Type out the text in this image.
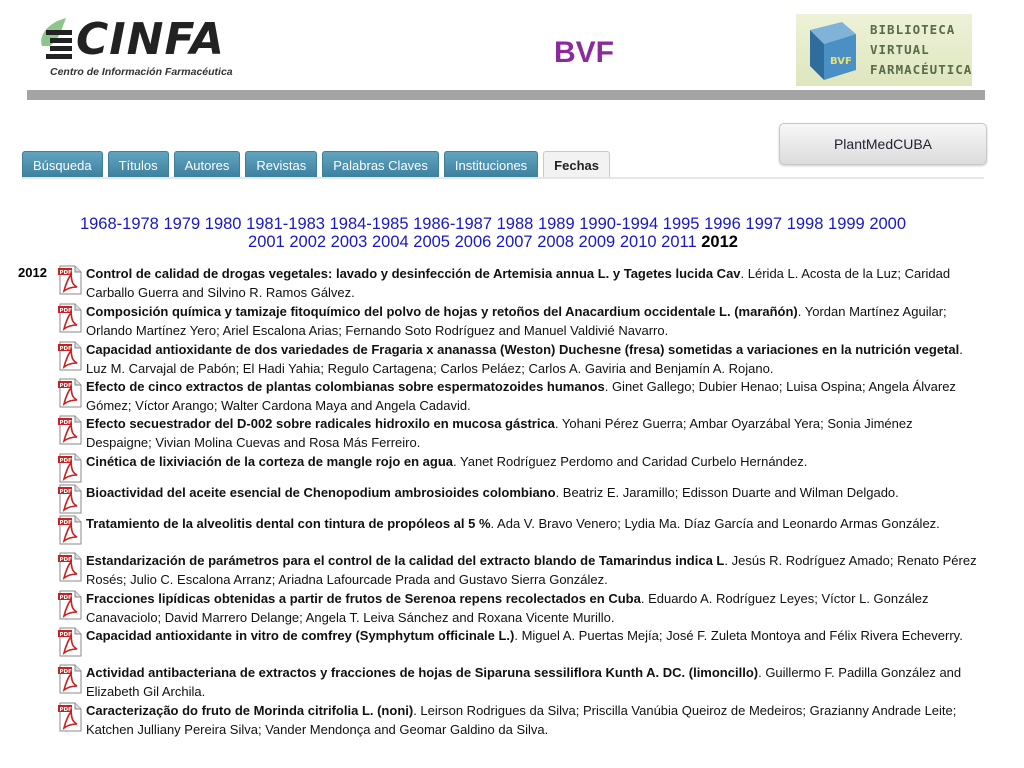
CINFA
Centro de Información Farmacéutica
BVF	BVF
BIBLIOTECA
VIRTUAL
FARMACÉUTICA
PlantMedCUBA
Búsqueda	Títulos	Autores	Revistas	Palabras Claves	Instituciones	Fechas
1968-1978 1979 1980 1981-1983 1984-1985 1986-1987 1988 1989 1990-1994 1995 1996 1997 1998 1999 2000
2001 2002 2003 2004 2005 2006 2007 2008 2009 2010 2011 2012
2012 PDF Control de calidad de drogas vegetales: lavado y desinfección de Artemisia annua L. y Tagetes lucida Cav. Lérida L. Acosta de la Luz; Caridad Carballo Guerra and Silvino R. Ramos Gálvez.
PDF Composición química y tamizaje fitoquímico del polvo de hojas y retoños del Anacardium occidentale L. (marañón). Yordan Martínez Aguilar; Orlando Martínez Yero; Ariel Escalona Arias; Fernando Soto Rodríguez and Manuel Valdivié Navarro.
PDF Capacidad antioxidante de dos variedades de Fragaria x ananassa (Weston) Duchesne (fresa) sometidas a variaciones en la nutrición vegetal. Luz M. Carvajal de Pabón; El Hadi Yahia; Regulo Cartagena; Carlos Peláez; Carlos A. Gaviria and Benjamín A. Rojano.
PDF Efecto de cinco extractos de plantas colombianas sobre espermatozoides humanos. Ginet Gallego; Dubier Henao; Luisa Ospina; Angela Álvarez Gómez; Víctor Arango; Walter Cardona Maya and Angela Cadavid.
PDF Efecto secuestrador del D-002 sobre radicales hidroxilo en mucosa gástrica. Yohani Pérez Guerra; Ambar Oyarzábal Yera; Sonia Jiménez Despaigne; Vivian Molina Cuevas and Rosa Más Ferreiro.
PDF Cinética de lixiviación de la corteza de mangle rojo en agua. Yanet Rodríguez Perdomo and Caridad Curbelo Hernández.
PDF Bioactividad del aceite esencial de Chenopodium ambrosioides colombiano. Beatriz E. Jaramillo; Edisson Duarte and Wilman Delgado.
PDF Tratamiento de la alveolitis dental con tintura de propóleos al 5 %. Ada V. Bravo Venero; Lydia Ma. Díaz García and Leonardo Armas González.
PDF Estandarización de parámetros para el control de la calidad del extracto blando de Tamarindus indica L. Jesús R. Rodríguez Amado; Renato Pérez Rosés; Julio C. Escalona Arranz; Ariadna Lafourcade Prada and Gustavo Sierra González.
PDF Fracciones lipídicas obtenidas a partir de frutos de Serenoa repens recolectados en Cuba. Eduardo A. Rodríguez Leyes; Víctor L. González Canavaciolo; David Marrero Delange; Angela T. Leiva Sánchez and Roxana Vicente Murillo.
PDF Capacidad antioxidante in vitro de comfrey (Symphytum officinale L.). Miguel A. Puertas Mejía; José F. Zuleta Montoya and Félix Rivera Echeverry.
PDF Actividad antibacteriana de extractos y fracciones de hojas de Siparuna sessiliflora Kunth A. DC. (limoncillo). Guillermo F. Padilla González and Elizabeth Gil Archila.
PDF Caracterização do fruto de Morinda citrifolia L. (noni). Leirson Rodrigues da Silva; Priscilla Vanúbia Queiroz de Medeiros; Grazianny Andrade Leite; Katchen Julliany Pereira Silva; Vander Mendonça and Geomar Galdino da Silva.
